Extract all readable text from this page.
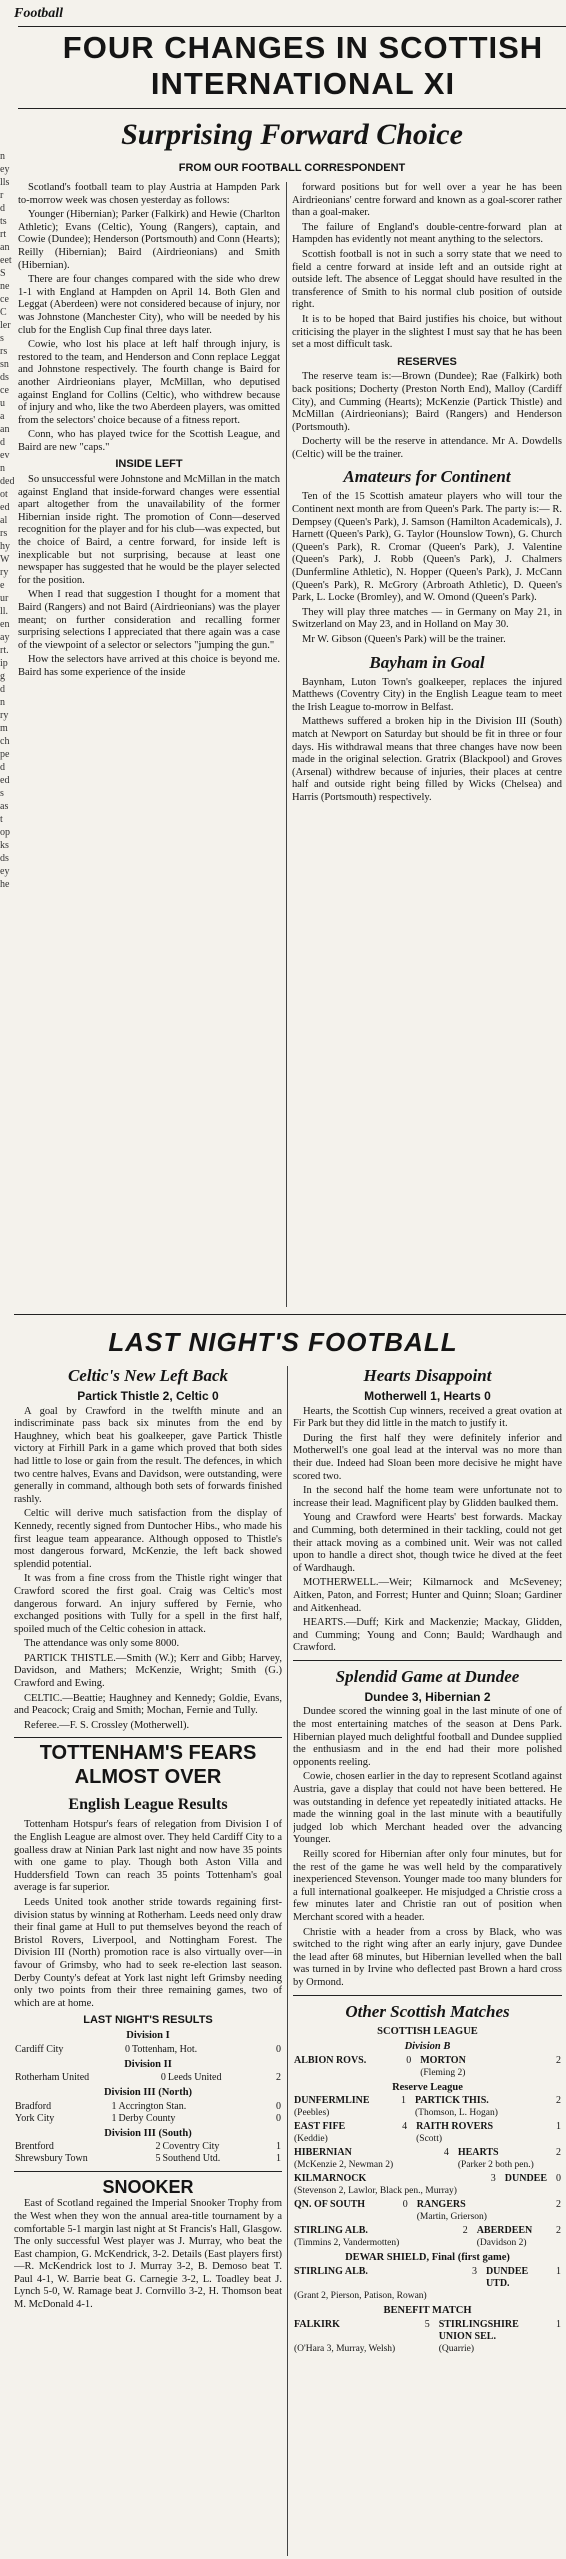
n
ey
lls
r
d
ts
rt
an
eet
S
ne
ce
C
ler
s
rs
sn
ds
ce
u
a
an
d
ev
n
ded
ot
ed
al
rs
hy
W
ry
e
ur
ll.
en
ay
rt.
ip
g
d
n
ry
m
ch
pe
d
ed
s
as
t
op
ks
ds
ey
he
Football
FOUR CHANGES IN SCOTTISH
INTERNATIONAL XI
Surprising Forward Choice
FROM OUR FOOTBALL CORRESPONDENT

Scotland's football team to play Austria at Hampden Park to-morrow week was chosen yesterday as follows:

Younger (Hibernian); Parker (Falkirk) and Hewie (Charlton Athletic); Evans (Celtic), Young (Rangers), captain, and Cowie (Dundee); Henderson (Portsmouth) and Conn (Hearts); Reilly (Hibernian); Baird (Airdrieonians) and Smith (Hibernian).

There are four changes compared with the side who drew 1-1 with England at Hampden on April 14. Both Glen and Leggat (Aberdeen) were not considered because of injury, nor was Johnstone (Manchester City), who will be needed by his club for the English Cup final three days later.

Cowie, who lost his place at left half through injury, is restored to the team, and Henderson and Conn replace Leggat and Johnstone respectively. The fourth change is Baird for another Airdrieonians player, McMillan, who deputised against England for Collins (Celtic), who withdrew because of injury and who, like the two Aberdeen players, was omitted from the selectors' choice because of a fitness report.

Conn, who has played twice for the Scottish League, and Baird are new "caps."

INSIDE LEFT

So unsuccessful were Johnstone and McMillan in the match against England that inside-forward changes were essential apart altogether from the unavailability of the former Hibernian inside right. The promotion of Conn—deserved recognition for the player and for his club—was expected, but the choice of Baird, a centre forward, for inside left is inexplicable but not surprising, because at least one newspaper has suggested that he would be the player selected for the position.

When I read that suggestion I thought for a moment that Baird (Rangers) and not Baird (Airdrieonians) was the player meant; on further consideration and recalling former surprising selections I appreciated that there again was a case of the viewpoint of a selector or selectors "jumping the gun."

How the selectors have arrived at this choice is beyond me. Baird has some experience of the inside

forward positions but for well over a year he has been Airdrieonians' centre forward and known as a goal-scorer rather than a goal-maker.

The failure of England's double-centre-forward plan at Hampden has evidently not meant anything to the selectors.

Scottish football is not in such a sorry state that we need to field a centre forward at inside left and an outside right at outside left. The absence of Leggat should have resulted in the transference of Smith to his normal club position of outside right.

It is to be hoped that Baird justifies his choice, but without criticising the player in the slightest I must say that he has been set a most difficult task.

RESERVES

The reserve team is:—Brown (Dundee); Rae (Falkirk) both back positions; Docherty (Preston North End), Malloy (Cardiff City), and Cumming (Hearts); McKenzie (Partick Thistle) and McMillan (Airdrieonians); Baird (Rangers) and Henderson (Portsmouth).

Docherty will be the reserve in attendance. Mr A. Dowdells (Celtic) will be the trainer.

Amateurs for Continent

Ten of the 15 Scottish amateur players who will tour the Continent next month are from Queen's Park. The party is:— R. Dempsey (Queen's Park), J. Samson (Hamilton Academicals), J. Harnett (Queen's Park), G. Taylor (Hounslow Town), G. Church (Queen's Park), R. Cromar (Queen's Park), J. Valentine (Queen's Park), J. Robb (Queen's Park), J. Chalmers (Dunfermline Athletic), N. Hopper (Queen's Park), J. McCann (Queen's Park), R. McGrory (Arbroath Athletic), D. Queen's Park, L. Locke (Bromley), and W. Omond (Queen's Park).

They will play three matches — in Germany on May 21, in Switzerland on May 23, and in Holland on May 30.

Mr W. Gibson (Queen's Park) will be the trainer.

Bayham in Goal

Baynham, Luton Town's goalkeeper, replaces the injured Matthews (Coventry City) in the English League team to meet the Irish League to-morrow in Belfast.

Matthews suffered a broken hip in the Division III (South) match at Newport on Saturday but should be fit in three or four days. His withdrawal means that three changes have now been made in the original selection. Gratrix (Blackpool) and Groves (Arsenal) withdrew because of injuries, their places at centre half and outside right being filled by Wicks (Chelsea) and Harris (Portsmouth) respectively.

LAST NIGHT'S FOOTBALL
Celtic's New Left Back
Partick Thistle 2, Celtic 0

A goal by Crawford in the twelfth minute and an indiscriminate pass back six minutes from the end by Haughney, which beat his goalkeeper, gave Partick Thistle victory at Firhill Park in a game which proved that both sides had little to lose or gain from the result. The defences, in which two centre halves, Evans and Davidson, were outstanding, were generally in command, although both sets of forwards finished rashly.

Celtic will derive much satisfaction from the display of Kennedy, recently signed from Duntocher Hibs., who made his first league team appearance. Although opposed to Thistle's most dangerous forward, McKenzie, the left back showed splendid potential.

It was from a fine cross from the Thistle right winger that Crawford scored the first goal. Craig was Celtic's most dangerous forward. An injury suffered by Fernie, who exchanged positions with Tully for a spell in the first half, spoiled much of the Celtic cohesion in attack.

The attendance was only some 8000.

PARTICK THISTLE.—Smith (W.); Kerr and Gibb; Harvey, Davidson, and Mathers; McKenzie, Wright; Smith (G.) Crawford and Ewing.

CELTIC.—Beattie; Haughney and Kennedy; Goldie, Evans, and Peacock; Craig and Smith; Mochan, Fernie and Tully.

Referee.—F. S. Crossley (Motherwell).

TOTTENHAM'S FEARS
ALMOST OVER
English League Results

Tottenham Hotspur's fears of relegation from Division I of the English League are almost over. They held Cardiff City to a goalless draw at Ninian Park last night and now have 35 points with one game to play. Though both Aston Villa and Huddersfield Town can reach 35 points Tottenham's goal average is far superior.

Leeds United took another stride towards regaining first-division status by winning at Rotherham. Leeds need only draw their final game at Hull to put themselves beyond the reach of Bristol Rovers, Liverpool, and Nottingham Forest. The Division III (North) promotion race is also virtually over—in favour of Grimsby, who had to seek re-election last season. Derby County's defeat at York last night left Grimsby needing only two points from their three remaining games, two of which are at home.

LAST NIGHT'S RESULTS
Division I
Cardiff City	0	Tottenham, Hot.	0
Division II
Rotherham United	0	Leeds United	2
Division III (North)
Bradford	1	Accrington Stan.	0
York City	1	Derby County	0
Division III (South)
Brentford	2	Coventry City	1
Shrewsbury Town	5	Southend Utd.	1
SNOOKER

East of Scotland regained the Imperial Snooker Trophy from the West when they won the annual area-title tournament by a comfortable 5-1 margin last night at St Francis's Hall, Glasgow. The only successful West player was J. Murray, who beat the East champion, G. McKendrick, 3-2. Details (East players first)—R. McKendrick lost to J. Murray 3-2, B. Demoso beat T. Paul 4-1, W. Barrie beat G. Carnegie 3-2, L. Toadley beat J. Lynch 5-0, W. Ramage beat J. Cornvillo 3-2, H. Thomson beat M. McDonald 4-1.

Hearts Disappoint
Motherwell 1, Hearts 0

Hearts, the Scottish Cup winners, received a great ovation at Fir Park but they did little in the match to justify it.

During the first half they were definitely inferior and Motherwell's one goal lead at the interval was no more than their due. Indeed had Sloan been more decisive he might have scored two.

In the second half the home team were unfortunate not to increase their lead. Magnificent play by Glidden baulked them.

Young and Crawford were Hearts' best forwards. Mackay and Cumming, both determined in their tackling, could not get their attack moving as a combined unit. Weir was not called upon to handle a direct shot, though twice he dived at the feet of Wardhaugh.

MOTHERWELL.—Weir; Kilmarnock and McSeveney; Aitken, Paton, and Forrest; Hunter and Quinn; Sloan; Gardiner and Aitkenhead.

HEARTS.—Duff; Kirk and Mackenzie; Mackay, Glidden, and Cumming; Young and Conn; Bauld; Wardhaugh and Crawford.

Splendid Game at Dundee
Dundee 3, Hibernian 2

Dundee scored the winning goal in the last minute of one of the most entertaining matches of the season at Dens Park. Hibernian played much delightful football and Dundee supplied the enthusiasm and in the end had their more polished opponents reeling.

Cowie, chosen earlier in the day to represent Scotland against Austria, gave a display that could not have been bettered. He was outstanding in defence yet repeatedly initiated attacks. He made the winning goal in the last minute with a beautifully judged lob which Merchant headed over the advancing Younger.

Reilly scored for Hibernian after only four minutes, but for the rest of the game he was well held by the comparatively inexperienced Stevenson. Younger made too many blunders for a full international goalkeeper. He misjudged a Christie cross a few minutes later and Christie ran out of position when Merchant scored with a header.

Christie with a header from a cross by Black, who was switched to the right wing after an early injury, gave Dundee the lead after 68 minutes, but Hibernian levelled when the ball was turned in by Irvine who deflected past Brown a hard cross by Ormond.

Other Scottish Matches
SCOTTISH LEAGUE
Division B
ALBION ROVS.	0	MORTON	2
		(Fleming 2)	
Reserve League
DUNFERMLINE	1	PARTICK THIS.	2
(Peebles)		(Thomson, L. Hogan)	
EAST FIFE	4	RAITH ROVERS	1
(Keddie)		(Scott)	
HIBERNIAN	4	HEARTS	2
(McKenzie 2, Newman 2)		(Parker 2 both pen.)	
KILMARNOCK	3	DUNDEE	0
(Stevenson 2, Lawlor, Black pen., Murray)			
QN. OF SOUTH	0	RANGERS	2
		(Martin, Grierson)	
STIRLING ALB.	2	ABERDEEN	2
(Timmins 2, Vandermotten)		(Davidson 2)	
DEWAR SHIELD, Final (first game)
STIRLING ALB.	3	DUNDEE UTD.	1
(Grant 2, Pierson, Patison, Rowan)			
BENEFIT MATCH
FALKIRK	5	STIRLINGSHIRE UNION SEL.	1
(O'Hara 3, Murray, Welsh)		(Quarrie)	
